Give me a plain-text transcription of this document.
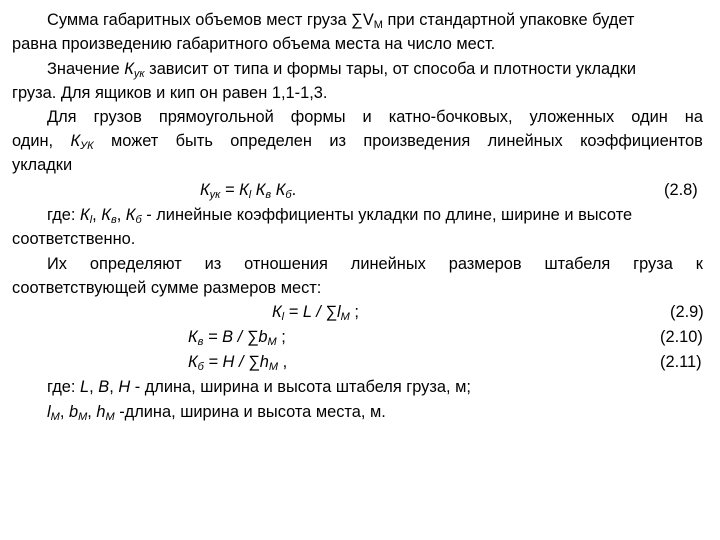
Сумма габаритных объемов мест груза $\sum V_М$ при стандартной упаковке будет
равна произведению габаритного объема места на число мест.
Значение $К_{ук}$ зависит от типа и формы тары, от способа и плотности укладки
груза. Для ящиков и кип он равен 1,1-1,3.
Для грузов прямоугольной формы и катно-бочковых, уложенных один на
один, $К_{УК}$ может быть определен из произведения линейных коэффициентов
укладки
$К_{ук} = К_l$ $К_в$ $К_б$.	(2.8)
где: $К_l$, $К_в$, $К_б$ - линейные коэффициенты укладки по длине, ширине и высоте
соответственно.
Их определяют из отношения линейных размеров штабеля груза к
соответствующей сумме размеров мест:
$К_l = L / \sum l_М$ ;	(2.9)
$К_в = В / \sum b_М$ ;	(2.10)
$К_б = Н / \sum h_М$ ,	(2.11)
где: L, B, H - длина, ширина и высота штабеля груза, м;
$l_М$, $b_М$, $h_М$ -длина, ширина и высота места, м.
